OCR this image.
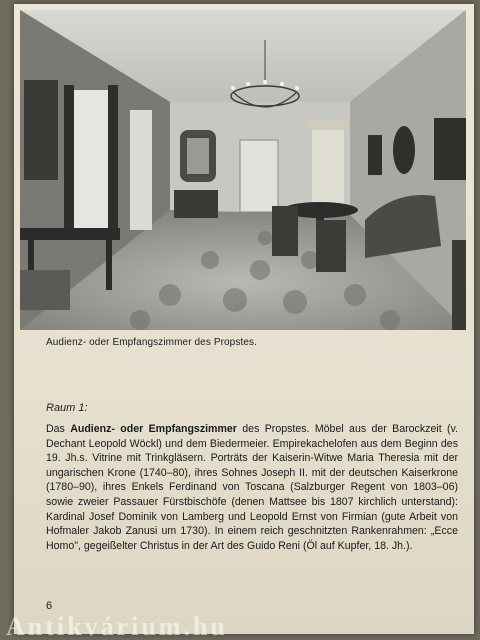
Audienz- oder Empfangszimmer des Propstes.
Raum 1:
Das Audienz- oder Empfangszimmer des Propstes. Möbel aus der Barockzeit (v. Dechant Leopold Wöckl) und dem Biedermeier. Empirekachelofen aus dem Beginn des 19. Jh.s. Vitrine mit Trinkgläsern. Porträts der Kaiserin-Witwe Maria Theresia mit der ungarischen Krone (1740–80), ihres Sohnes Joseph II. mit der deutschen Kaiserkrone (1780–90), ihres Enkels Ferdinand von Toscana (Salzburger Regent von 1803–06) sowie zweier Passauer Fürstbischöfe (denen Mattsee bis 1807 kirchlich unterstand): Kardinal Josef Dominik von Lamberg und Leopold Ernst von Firmian (gute Arbeit von Hofmaler Jakob Zanusi um 1730). In einem reich geschnitzten Rankenrahmen: „Ecce Homo", gegeißelter Christus in der Art des Guido Reni (Öl auf Kupfer, 18. Jh.).
6
Antikvárium.hu
